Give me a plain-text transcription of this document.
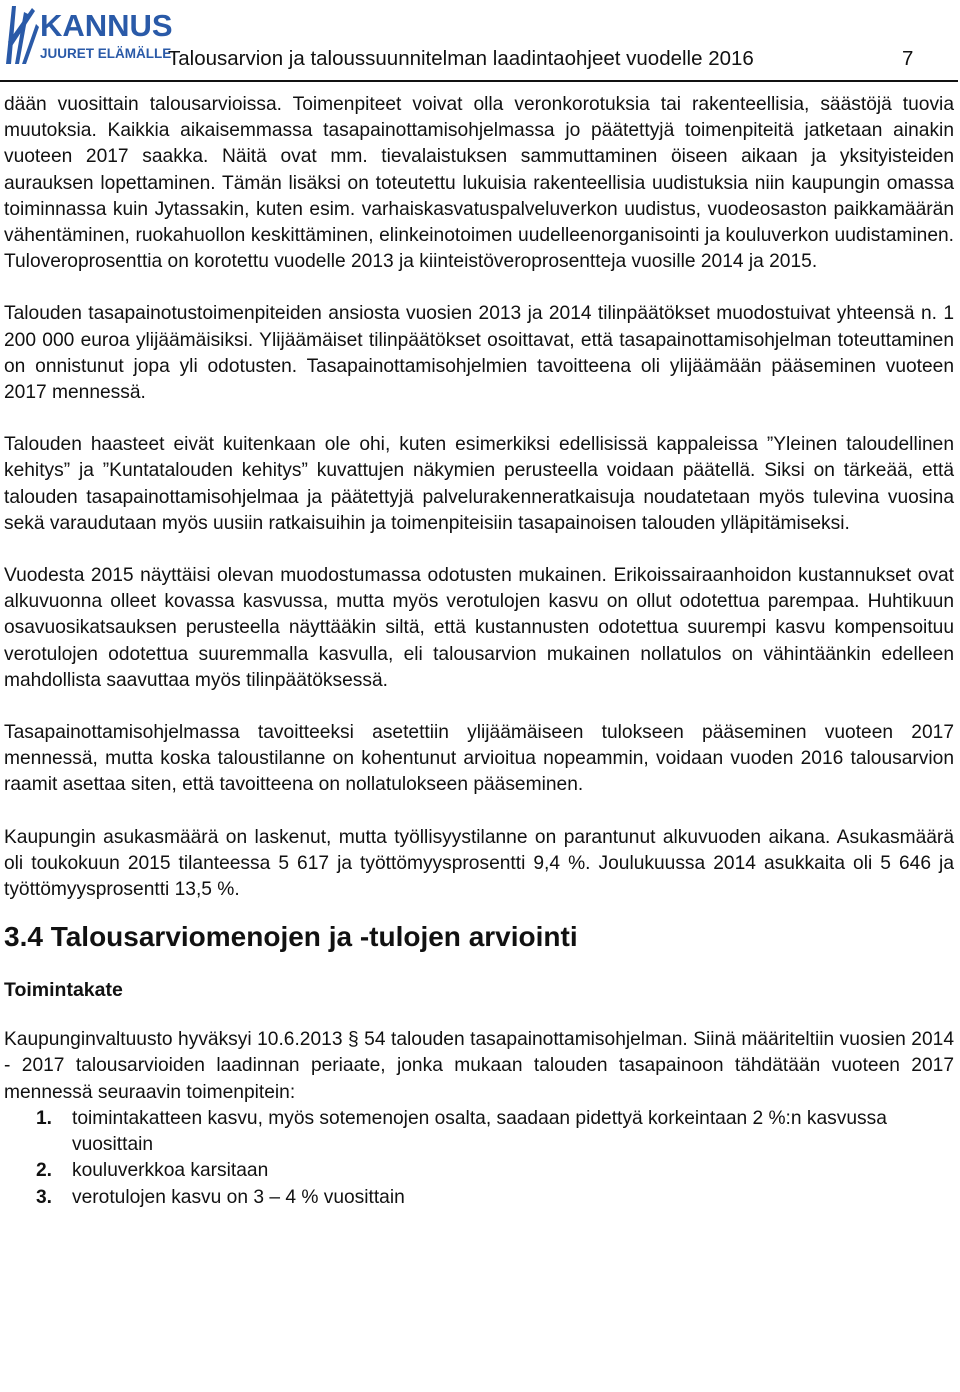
KANNUS
JUURET ELÄMÄLLE
Talousarvion ja taloussuunnitelman laadintaohjeet vuodelle 2016	7

dään vuosittain talousarvioissa. Toimenpiteet voivat olla veronkorotuksia tai rakenteellisia, säästöjä tuovia muutoksia. Kaikkia aikaisemmassa tasapainottamisohjelmassa jo päätettyjä toimenpiteitä jatketaan ainakin vuoteen 2017 saakka. Näitä ovat mm. tievalaistuksen sammuttaminen öiseen aikaan ja yksityisteiden aurauksen lopettaminen. Tämän lisäksi on toteutettu lukuisia rakenteellisia uudistuksia niin kaupungin omassa toiminnassa kuin Jytassakin, kuten esim. varhaiskasvatuspalveluverkon uudistus, vuodeosaston paikkamäärän vähentäminen, ruokahuollon keskittäminen, elinkeinotoimen uudelleenorganisointi ja kouluverkon uudistaminen. Tuloveroprosenttia on korotettu vuodelle 2013 ja kiinteistöveroprosentteja vuosille 2014 ja 2015.

Talouden tasapainotustoimenpiteiden ansiosta vuosien 2013 ja 2014 tilinpäätökset muodostuivat yhteensä n. 1 200 000 euroa ylijäämäisiksi. Ylijäämäiset tilinpäätökset osoittavat, että tasapainottamisohjelman toteuttaminen on onnistunut jopa yli odotusten. Tasapainottamisohjelmien tavoitteena oli ylijäämään pääseminen vuoteen 2017 mennessä.

Talouden haasteet eivät kuitenkaan ole ohi, kuten esimerkiksi edellisissä kappaleissa ”Yleinen taloudellinen kehitys” ja ”Kuntatalouden kehitys” kuvattujen näkymien perusteella voidaan päätellä. Siksi on tärkeää, että talouden tasapainottamisohjelmaa ja päätettyjä palvelurakenneratkaisuja noudatetaan myös tulevina vuosina sekä varaudutaan myös uusiin ratkaisuihin ja toimenpiteisiin tasapainoisen talouden ylläpitämiseksi.

Vuodesta 2015 näyttäisi olevan muodostumassa odotusten mukainen. Erikoissairaanhoidon kustannukset ovat alkuvuonna olleet kovassa kasvussa, mutta myös verotulojen kasvu on ollut odotettua parempaa. Huhtikuun osavuosikatsauksen perusteella näyttääkin siltä, että kustannusten odotettua suurempi kasvu kompensoituu verotulojen odotettua suuremmalla kasvulla, eli talousarvion mukainen nollatulos on vähintäänkin edelleen mahdollista saavuttaa myös tilinpäätöksessä.

Tasapainottamisohjelmassa tavoitteeksi asetettiin ylijäämäiseen tulokseen pääseminen vuoteen 2017 mennessä, mutta koska taloustilanne on kohentunut arvioitua nopeammin, voidaan vuoden 2016 talousarvion raamit asettaa siten, että tavoitteena on nollatulokseen pääseminen.

Kaupungin asukasmäärä on laskenut, mutta työllisyystilanne on parantunut alkuvuoden aikana. Asukasmäärä oli toukokuun 2015 tilanteessa 5 617 ja työttömyysprosentti 9,4 %. Joulukuussa 2014 asukkaita oli 5 646 ja työttömyysprosentti 13,5 %.

3.4 Talousarviomenojen ja -tulojen arviointi
Toimintakate

Kaupunginvaltuusto hyväksyi 10.6.2013 § 54 talouden tasapainottamisohjelman. Siinä määriteltiin vuosien 2014 - 2017 talousarvioiden laadinnan periaate, jonka mukaan talouden tasapainoon tähdätään vuoteen 2017 mennessä seuraavin toimenpitein:

1.	toimintakatteen kasvu, myös sotemenojen osalta, saadaan pidettyä korkeintaan 2 %:n kasvussa vuosittain
2.	kouluverkkoa karsitaan
3.	verotulojen kasvu on 3 – 4 % vuosittain
